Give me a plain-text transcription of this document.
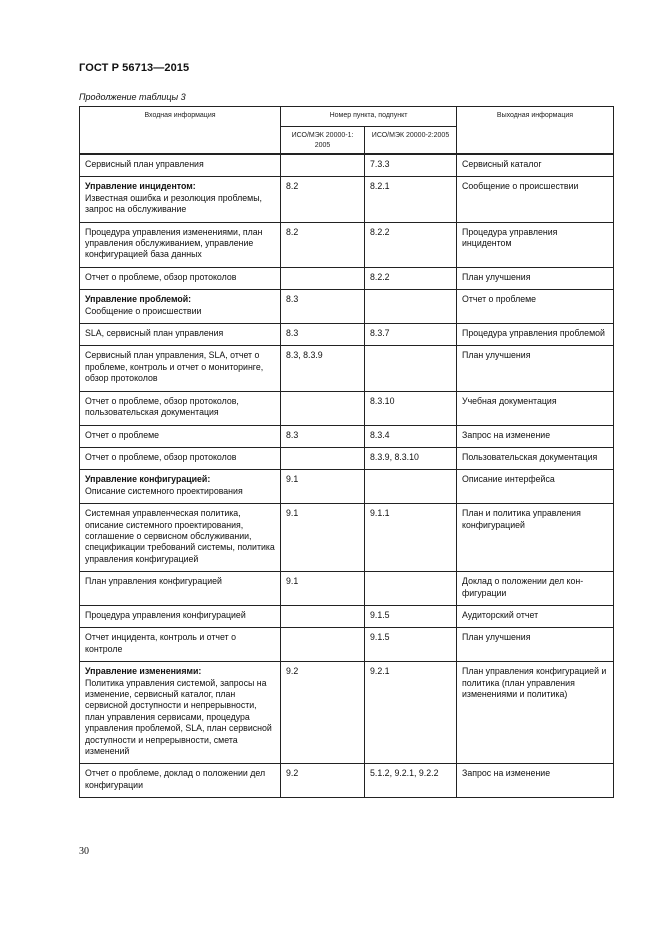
ГОСТ Р 56713—2015
Продолжение таблицы 3
Входная информация	Номер пункта, подпункт		Выходная информация
	ИСО/МЭК 20000-1: 2005	ИСО/МЭК 20000-2:2005	

Сервисный план управления		7.3.3	Сервисный каталог

Управление инцидентом:
Известная ошибка и резолюция проблемы, запрос на обслуживание	8.2	8.2.1	Сообщение о происшествии

Процедура управления изменениями, план управления обслуживанием, управление конфигурацией база данных	8.2	8.2.2	Процедура управления инцидентом

Отчет о проблеме, обзор протоколов		8.2.2	План улучшения

Управление проблемой:
Сообщение о происшествии	8.3		Отчет о проблеме

SLA, сервисный план управления	8.3	8.3.7	Процедура управления проблемой

Сервисный план управления, SLA, отчет о проблеме, контроль и отчет о мониторинге, обзор протоколов	8.3, 8.3.9		План улучшения

Отчет о проблеме, обзор протоколов, пользовательская документация		8.3.10	Учебная документация

Отчет о проблеме	8.3	8.3.4	Запрос на изменение

Отчет о проблеме, обзор протоколов		8.3.9, 8.3.10	Пользовательская документация

Управление конфигурацией:
Описание системного проектирования	9.1		Описание интерфейса

Системная управленческая политика, описание системного проектирования, соглашение о сервисном обслуживании, спецификации требований системы, политика управления конфигурацией	9.1	9.1.1	План и политика управления конфигурацией

План управления конфигурацией	9.1		Доклад о положении дел конфигурации

Процедура управления конфигурацией		9.1.5	Аудиторский отчет

Отчет инцидента, контроль и отчет о контроле		9.1.5	План улучшения

Управление изменениями:
Политика управления системой, запросы на изменение, сервисный каталог, план сервисной доступности и непрерывности, план управления сервисами, процедура управления проблемой, SLA, план сервисной доступности и непрерывности, смета изменений	9.2	9.2.1	План управления конфигурацией и политика (план управления изменениями и политика)

Отчет о проблеме, доклад о положении дел конфигурации	9.2	5.1.2, 9.2.1, 9.2.2	Запрос на изменение
30
